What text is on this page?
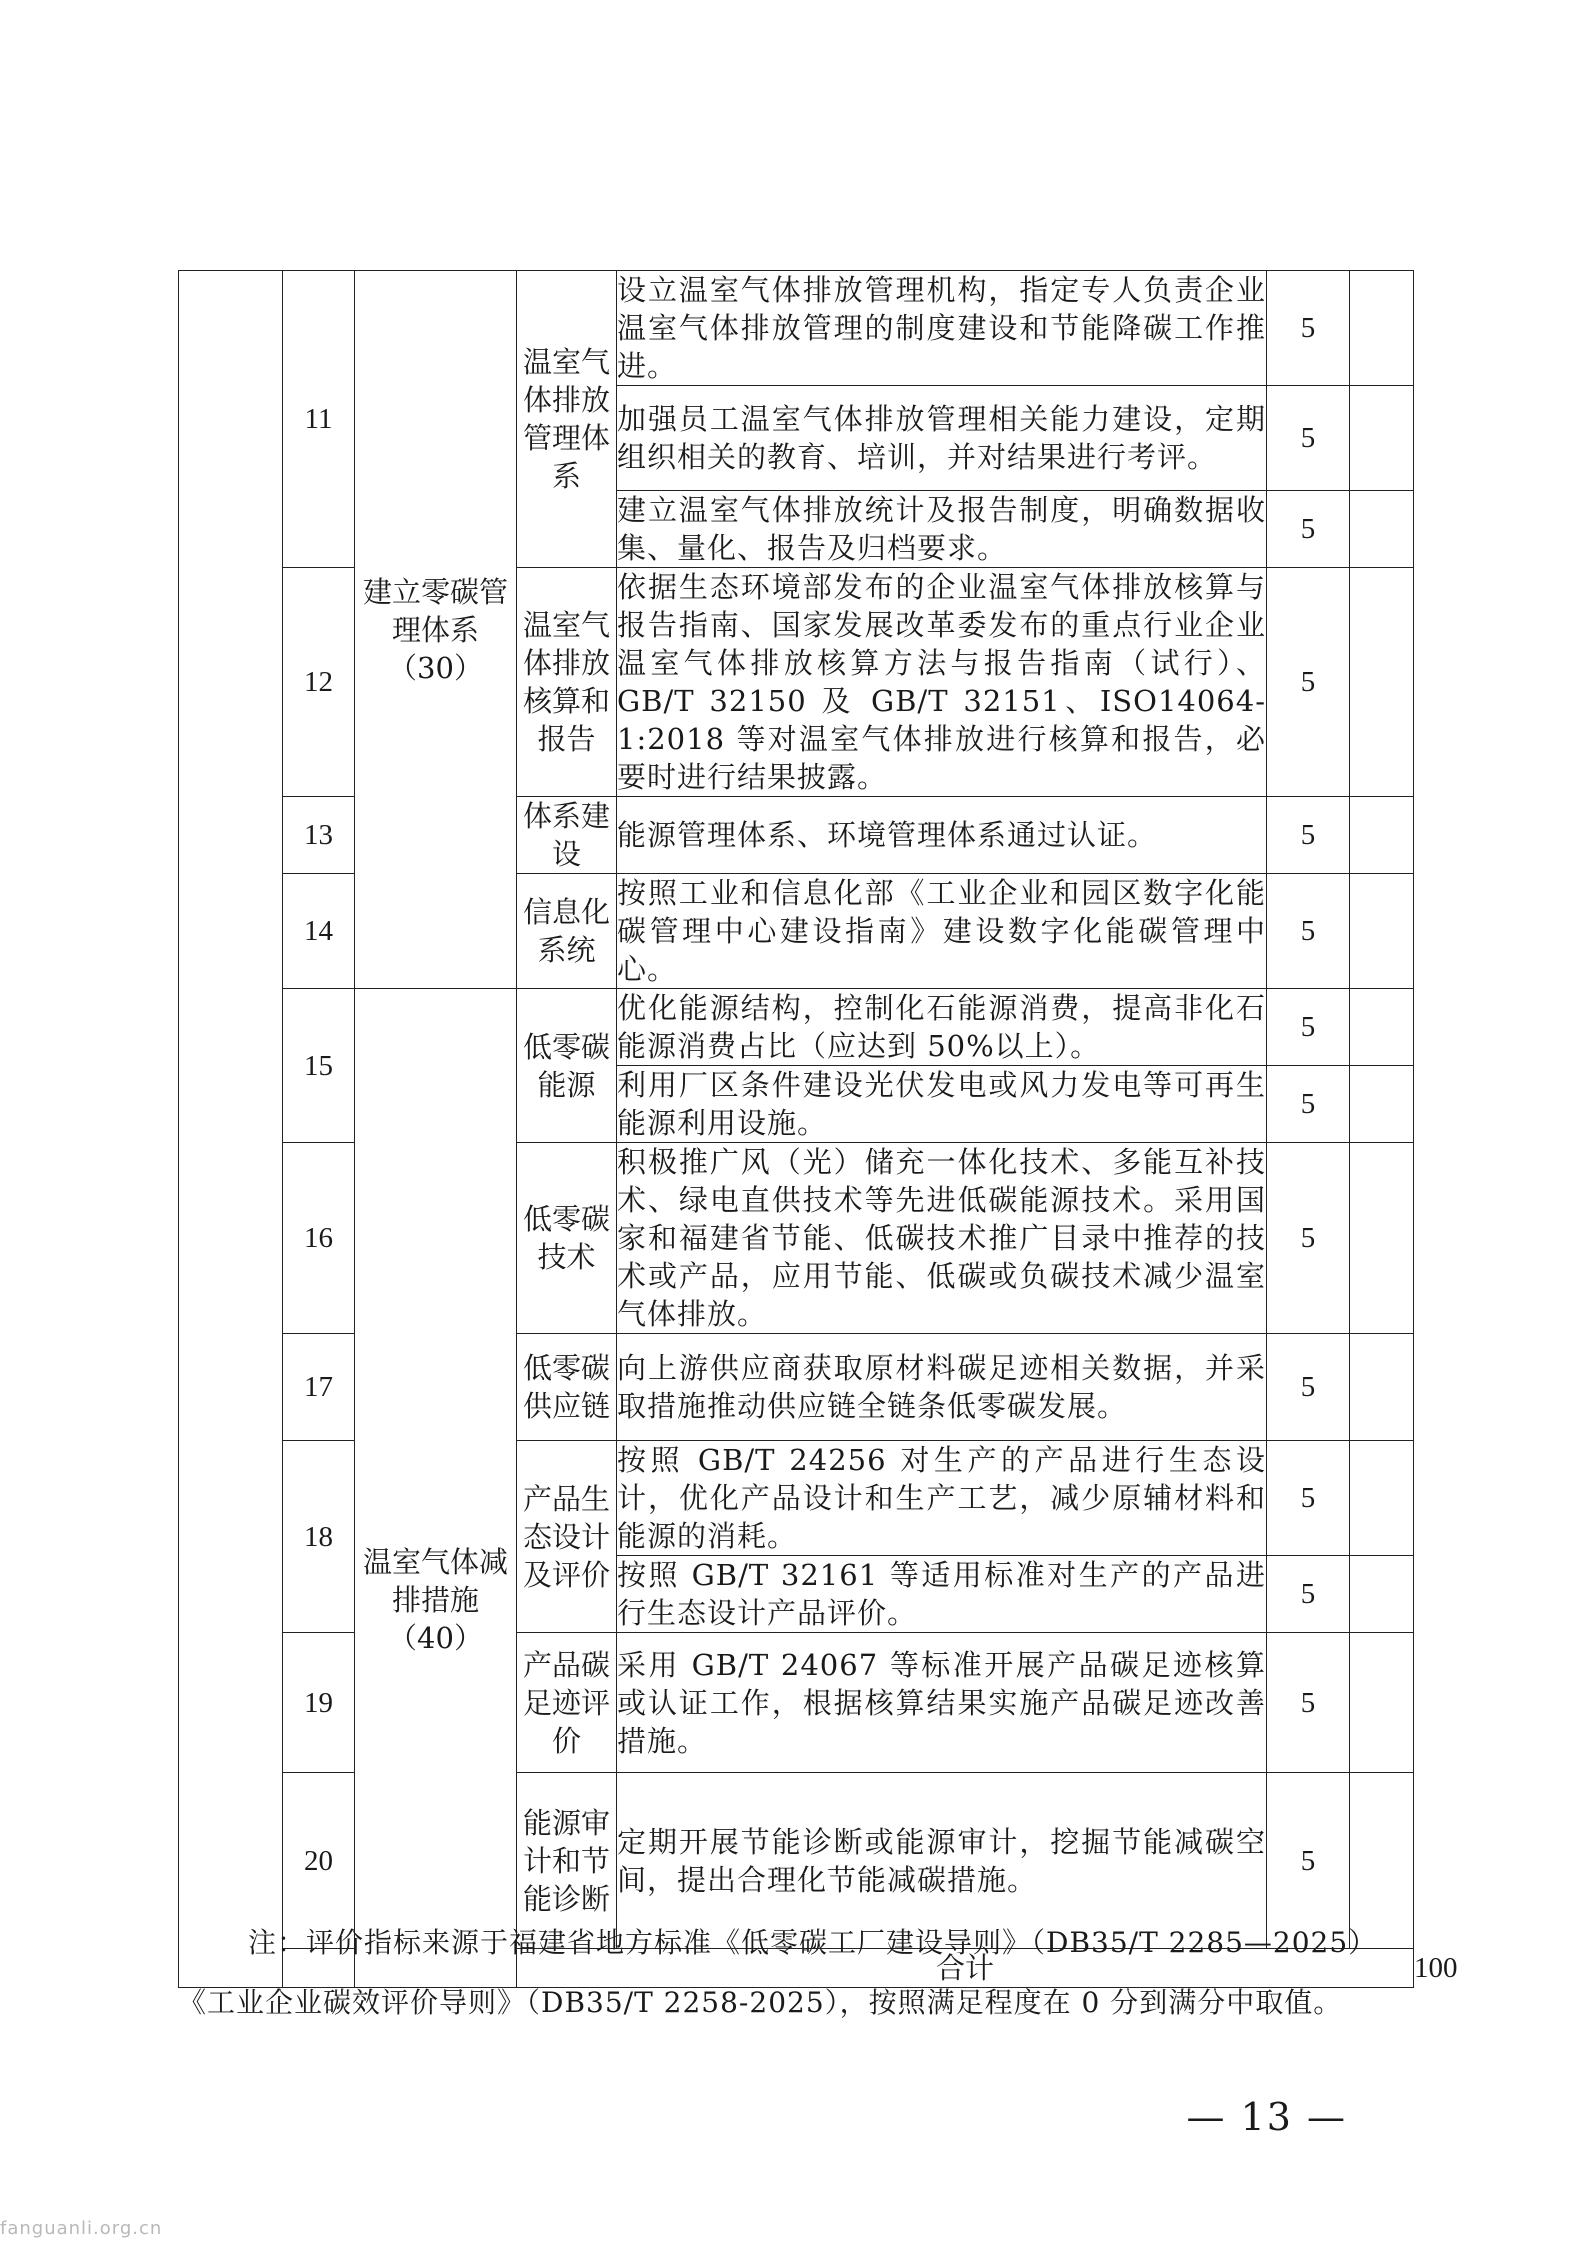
	11	建立零碳管理体系（30）	温室气体排放管理体系	设立温室气体排放管理机构，指定专人负责企业温室气体排放管理的制度建设和节能降碳工作推进。	5		
				加强员工温室气体排放管理相关能力建设，定期组织相关的教育、培训，并对结果进行考评。	5		
				建立温室气体排放统计及报告制度，明确数据收集、量化、报告及归档要求。	5		
	12		温室气体排放核算和报告	依据生态环境部发布的企业温室气体排放核算与报告指南、国家发展改革委发布的重点行业企业温室气体排放核算方法与报告指南（试行）、GB/T 32150 及 GB/T 32151、ISO14064-1:2018 等对温室气体排放进行核算和报告，必要时进行结果披露。	5		
	13		体系建设	能源管理体系、环境管理体系通过认证。	5		
	14		信息化系统	按照工业和信息化部《工业企业和园区数字化能碳管理中心建设指南》建设数字化能碳管理中心。	5		
	15	温室气体减排措施（40）	低零碳能源	优化能源结构，控制化石能源消费，提高非化石能源消费占比（应达到 50%以上）。	5		
				利用厂区条件建设光伏发电或风力发电等可再生能源利用设施。	5		
	16		低零碳技术	积极推广风（光）储充一体化技术、多能互补技术、绿电直供技术等先进低碳能源技术。采用国家和福建省节能、低碳技术推广目录中推荐的技术或产品，应用节能、低碳或负碳技术减少温室气体排放。	5		
	17		低零碳供应链	向上游供应商获取原材料碳足迹相关数据，并采取措施推动供应链全链条低零碳发展。	5		
	18		产品生态设计及评价	按照 GB/T 24256 对生产的产品进行生态设计，优化产品设计和生产工艺，减少原辅材料和能源的消耗。	5		
				按照 GB/T 32161 等适用标准对生产的产品进行生态设计产品评价。	5		
	19		产品碳足迹评价	采用 GB/T 24067 等标准开展产品碳足迹核算或认证工作，根据核算结果实施产品碳足迹改善措施。	5		
	20		能源审计和节能诊断	定期开展节能诊断或能源审计，挖掘节能减碳空间，提出合理化节能减碳措施。	5		
			合计				100	
注：评价指标来源于福建省地方标准《低零碳工厂建设导则》（DB35/T 2285—2025）《工业企业碳效评价导则》（DB35/T 2258-2025），按照满足程度在 0 分到满分中取值。
— 13 —
fanguanli.org.cn
